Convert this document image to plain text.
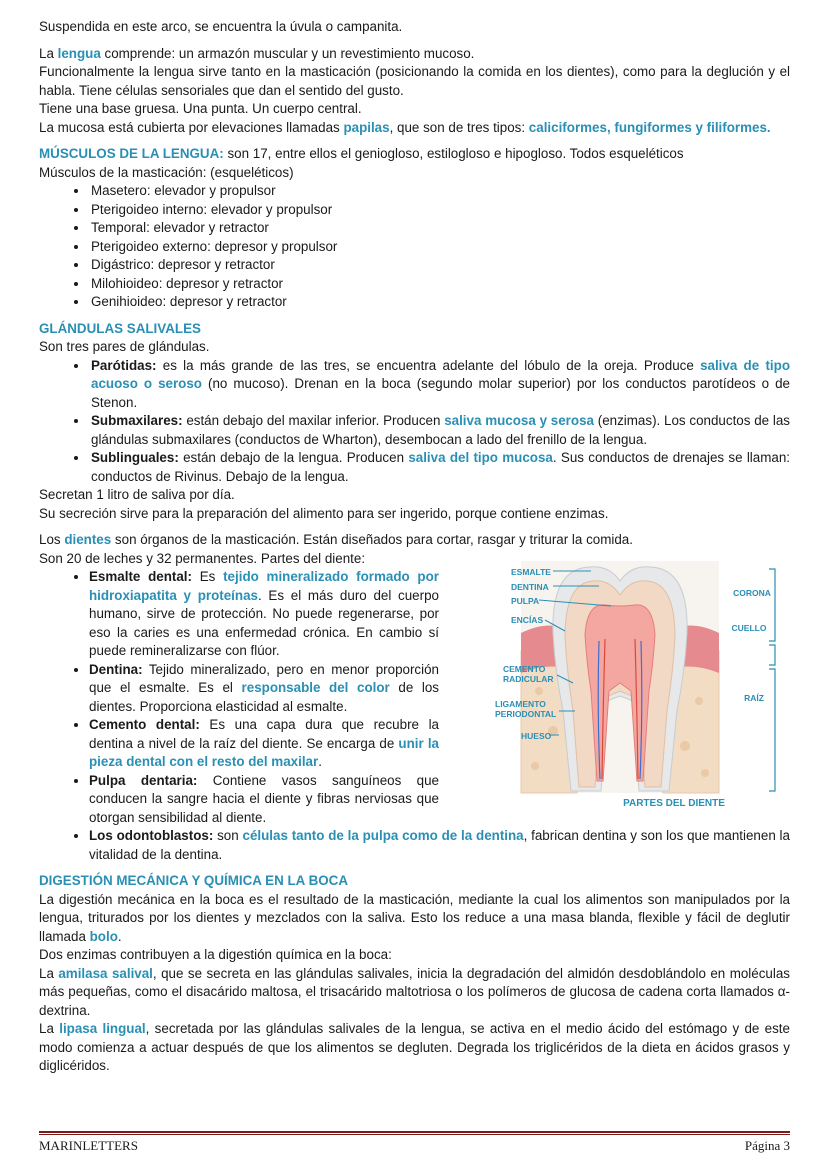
Suspendida en este arco, se encuentra la úvula o campanita.

La lengua comprende: un armazón muscular y un revestimiento mucoso.

Funcionalmente la lengua sirve tanto en la masticación (posicionando la comida en los dientes), como para la deglución y el habla. Tiene células sensoriales que dan el sentido del gusto.

Tiene una base gruesa. Una punta. Un cuerpo central.

La mucosa está cubierta por elevaciones llamadas papilas, que son de tres tipos: caliciformes, fungiformes y filiformes.

MÚSCULOS DE LA LENGUA: son 17, entre ellos el geniogloso, estilogloso e hipogloso. Todos esqueléticos

Músculos de la masticación: (esqueléticos)

• Masetero: elevador y propulsor
• Pterigoideo interno: elevador y propulsor
• Temporal: elevador y retractor
• Pterigoideo externo: depresor y propulsor
• Digástrico: depresor y retractor
• Milohioideo: depresor y retractor
• Genihioideo: depresor y retractor

GLÁNDULAS SALIVALES

Son tres pares de glándulas.

• Parótidas: es la más grande de las tres, se encuentra adelante del lóbulo de la oreja. Produce saliva de tipo acuoso o seroso (no mucoso). Drenan en la boca (segundo molar superior) por los conductos parotídeos o de Stenon.
• Submaxilares: están debajo del maxilar inferior. Producen saliva mucosa y serosa (enzimas). Los conductos de las glándulas submaxilares (conductos de Wharton), desembocan a lado del frenillo de la lengua.
• Sublinguales: están debajo de la lengua. Producen saliva del tipo mucosa. Sus conductos de drenajes se llaman: conductos de Rivinus. Debajo de la lengua.

Secretan 1 litro de saliva por día.

Su secreción sirve para la preparación del alimento para ser ingerido, porque contiene enzimas.

Los dientes son órganos de la masticación. Están diseñados para cortar, rasgar y triturar la comida.

Son 20 de leches y 32 permanentes. Partes del diente:

• Esmalte dental: Es tejido mineralizado formado por hidroxiapatita y proteínas. Es el más duro del cuerpo humano, sirve de protección. No puede regenerarse, por eso la caries es una enfermedad crónica. En cambio sí puede remineralizarse con flúor.
• Dentina: Tejido mineralizado, pero en menor proporción que el esmalte. Es el responsable del color de los dientes. Proporciona elasticidad al esmalte.
• Cemento dental: Es una capa dura que recubre la dentina a nivel de la raíz del diente. Se encarga de unir la pieza dental con el resto del maxilar.
• Pulpa dentaria: Contiene vasos sanguíneos que conducen la sangre hacia el diente y fibras nerviosas que otorgan sensibilidad al diente.
• Los odontoblastos: son células tanto de la pulpa como de la dentina, fabrican dentina y son los que mantienen la vitalidad de la dentina.
ESMALTE
DENTINA
PULPA
ENCÍAS
CEMENTO
RADICULAR
LIGAMENTO
PERIODONTAL
HUESO
CORONA
CUELLO
RAÍZ
PARTES DEL DIENTE

DIGESTIÓN MECÁNICA Y QUÍMICA EN LA BOCA

La digestión mecánica en la boca es el resultado de la masticación, mediante la cual los alimentos son manipulados por la lengua, triturados por los dientes y mezclados con la saliva. Esto los reduce a una masa blanda, flexible y fácil de deglutir llamada bolo.

Dos enzimas contribuyen a la digestión química en la boca:

La amilasa salival, que se secreta en las glándulas salivales, inicia la degradación del almidón desdoblándolo en moléculas más pequeñas, como el disacárido maltosa, el trisacárido maltotriosa o los polímeros de glucosa de cadena corta llamados α-dextrina.

La lipasa lingual, secretada por las glándulas salivales de la lengua, se activa en el medio ácido del estómago y de este modo comienza a actuar después de que los alimentos se degluten. Degrada los triglicéridos de la dieta en ácidos grasos y diglicéridos.

MARINLETTERS	Página 3
